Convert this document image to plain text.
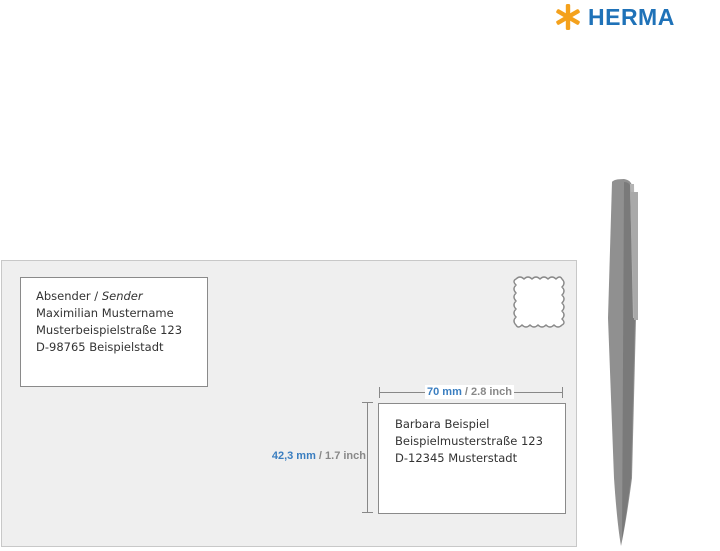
HERMA
Absender / Sender
Maximilian Mustername
Musterbeispielstraße 123
D-98765 Beispielstadt
Barbara Beispiel
Beispielmusterstraße 123
D-12345 Musterstadt
70 mm / 2.8 inch
42,3 mm / 1.7 inch
